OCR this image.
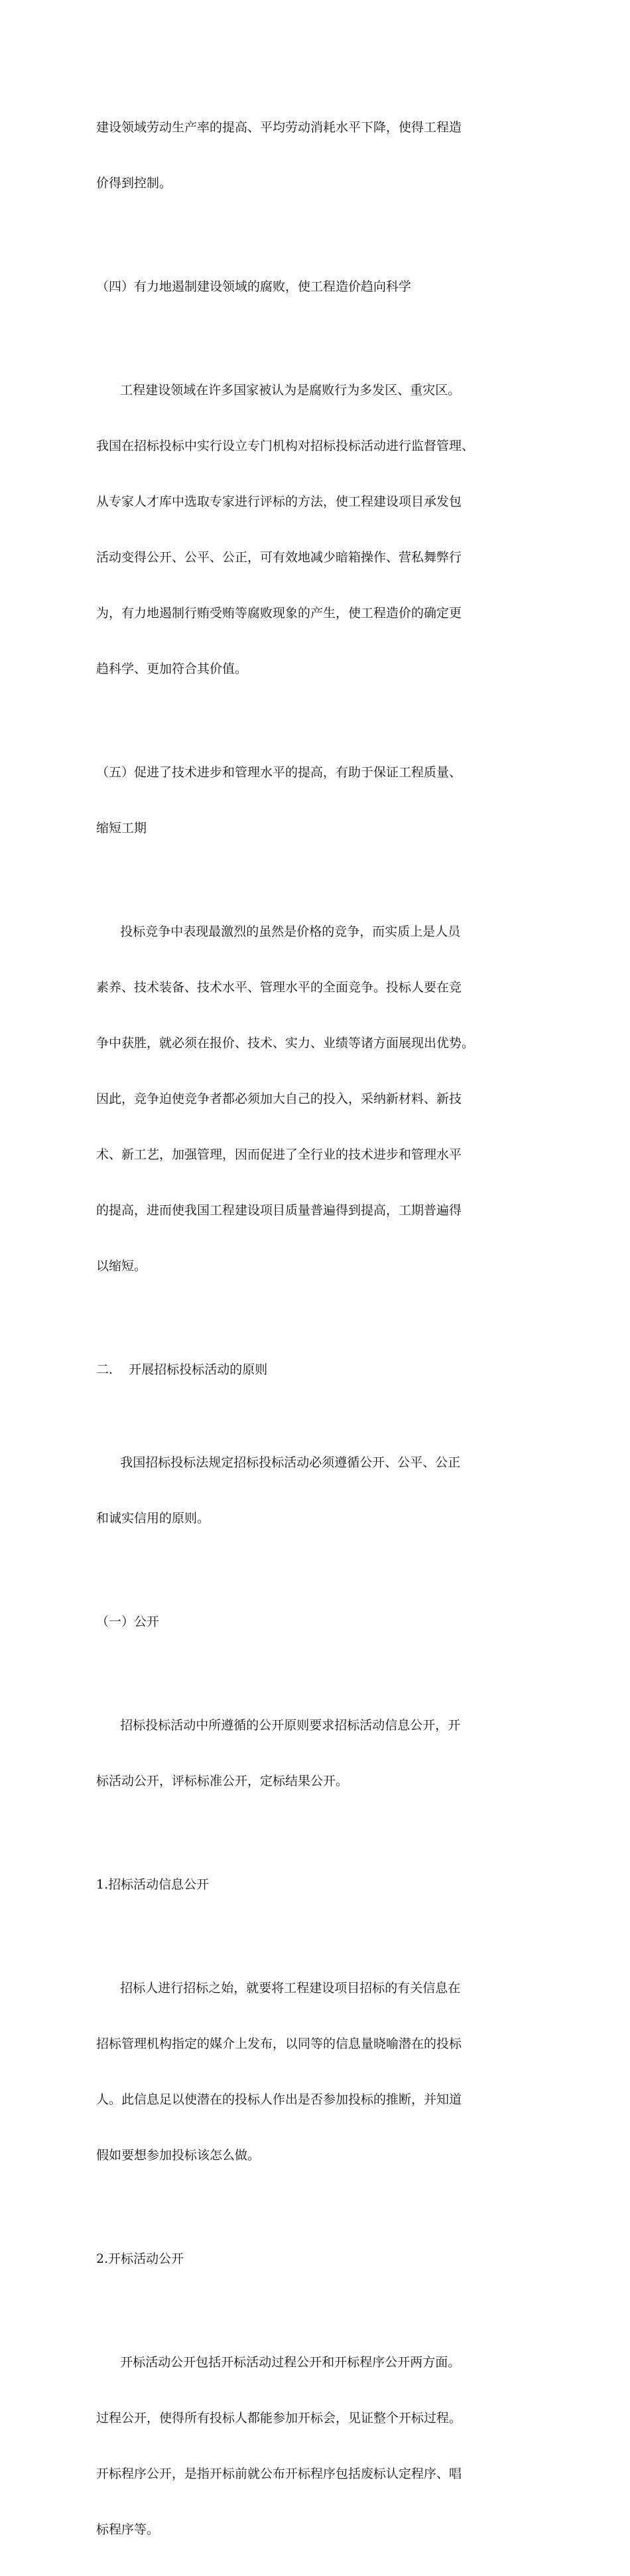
建设领域劳动生产率的提高、平均劳动消耗水平下降，使得工程造

价得到控制。

（四）有力地遏制建设领域的腐败，使工程造价趋向科学

工程建设领域在许多国家被认为是腐败行为多发区、重灾区。

我国在招标投标中实行设立专门机构对招标投标活动进行监督管理、

从专家人才库中选取专家进行评标的方法，使工程建设项目承发包

活动变得公开、公平、公正，可有效地减少暗箱操作、营私舞弊行

为，有力地遏制行贿受贿等腐败现象的产生，使工程造价的确定更

趋科学、更加符合其价值。

（五）促进了技术进步和管理水平的提高，有助于保证工程质量、

缩短工期

投标竞争中表现最激烈的虽然是价格的竞争，而实质上是人员

素养、技术装备、技术水平、管理水平的全面竞争。投标人要在竞

争中获胜，就必须在报价、技术、实力、业绩等诸方面展现出优势。

因此，竞争迫使竞争者都必须加大自己的投入，采纳新材料、新技

术、新工艺，加强管理，因而促进了全行业的技术进步和管理水平

的提高，进而使我国工程建设项目质量普遍得到提高，工期普遍得

以缩短。

二.    开展招标投标活动的原则

我国招标投标法规定招标投标活动必须遵循公开、公平、公正

和诚实信用的原则。

（一）公开

招标投标活动中所遵循的公开原则要求招标活动信息公开，开

标活动公开，评标标准公开，定标结果公开。

1.招标活动信息公开

招标人进行招标之始，就要将工程建设项目招标的有关信息在

招标管理机构指定的媒介上发布，以同等的信息量晓喻潜在的投标

人。此信息足以使潜在的投标人作出是否参加投标的推断，并知道

假如要想参加投标该怎么做。

2.开标活动公开

开标活动公开包括开标活动过程公开和开标程序公开两方面。

过程公开，使得所有投标人都能参加开标会，见证整个开标过程。

开标程序公开，是指开标前就公布开标程序包括废标认定程序、唱

标程序等。
